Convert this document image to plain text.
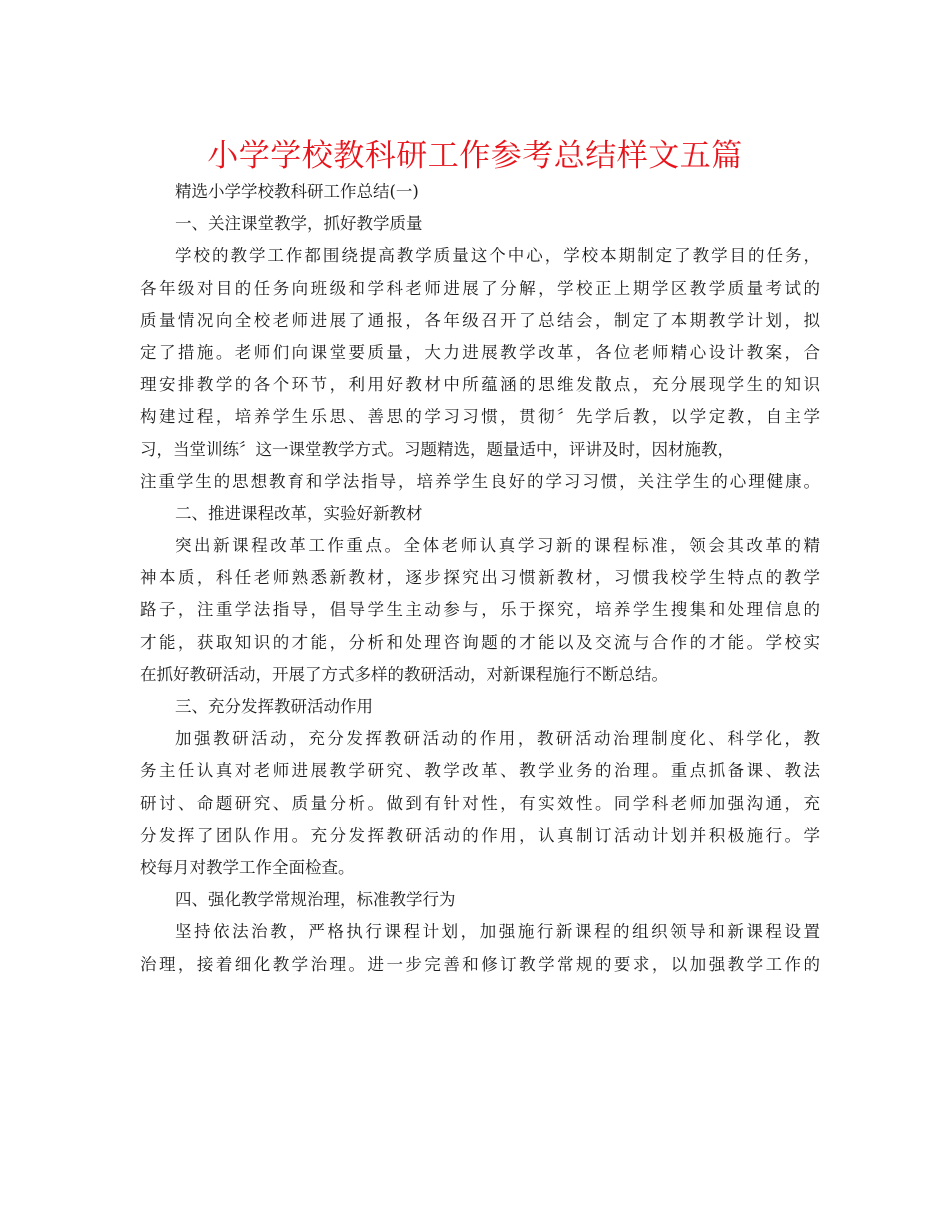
小学学校教科研工作参考总结样文五篇
精选小学学校教科研工作总结(一)
一、关注课堂教学，抓好教学质量
学校的教学工作都围绕提高教学质量这个中心，学校本期制定了教学目的任务，
各年级对目的任务向班级和学科老师进展了分解，学校正上期学区教学质量考试的
质量情况向全校老师进展了通报，各年级召开了总结会，制定了本期教学计划，拟
定了措施。老师们向课堂要质量，大力进展教学改革，各位老师精心设计教案，合
理安排教学的各个环节，利用好教材中所蕴涵的思维发散点，充分展现学生的知识
构建过程，培养学生乐思、善思的学习习惯，贯彻〞先学后教，以学定教，自主学
习，当堂训练〞这一课堂教学方式。习题精选，题量适中，评讲及时，因材施教，
注重学生的思想教育和学法指导，培养学生良好的学习习惯，关注学生的心理健康。
二、推进课程改革，实验好新教材
突出新课程改革工作重点。全体老师认真学习新的课程标准，领会其改革的精
神本质，科任老师熟悉新教材，逐步探究出习惯新教材，习惯我校学生特点的教学
路子，注重学法指导，倡导学生主动参与，乐于探究，培养学生搜集和处理信息的
才能，获取知识的才能，分析和处理咨询题的才能以及交流与合作的才能。学校实
在抓好教研活动，开展了方式多样的教研活动，对新课程施行不断总结。
三、充分发挥教研活动作用
加强教研活动，充分发挥教研活动的作用，教研活动治理制度化、科学化，教
务主任认真对老师进展教学研究、教学改革、教学业务的治理。重点抓备课、教法
研讨、命题研究、质量分析。做到有针对性，有实效性。同学科老师加强沟通，充
分发挥了团队作用。充分发挥教研活动的作用，认真制订活动计划并积极施行。学
校每月对教学工作全面检查。
四、强化教学常规治理，标准教学行为
坚持依法治教，严格执行课程计划，加强施行新课程的组织领导和新课程设置
治理，接着细化教学治理。进一步完善和修订教学常规的要求，以加强教学工作的
